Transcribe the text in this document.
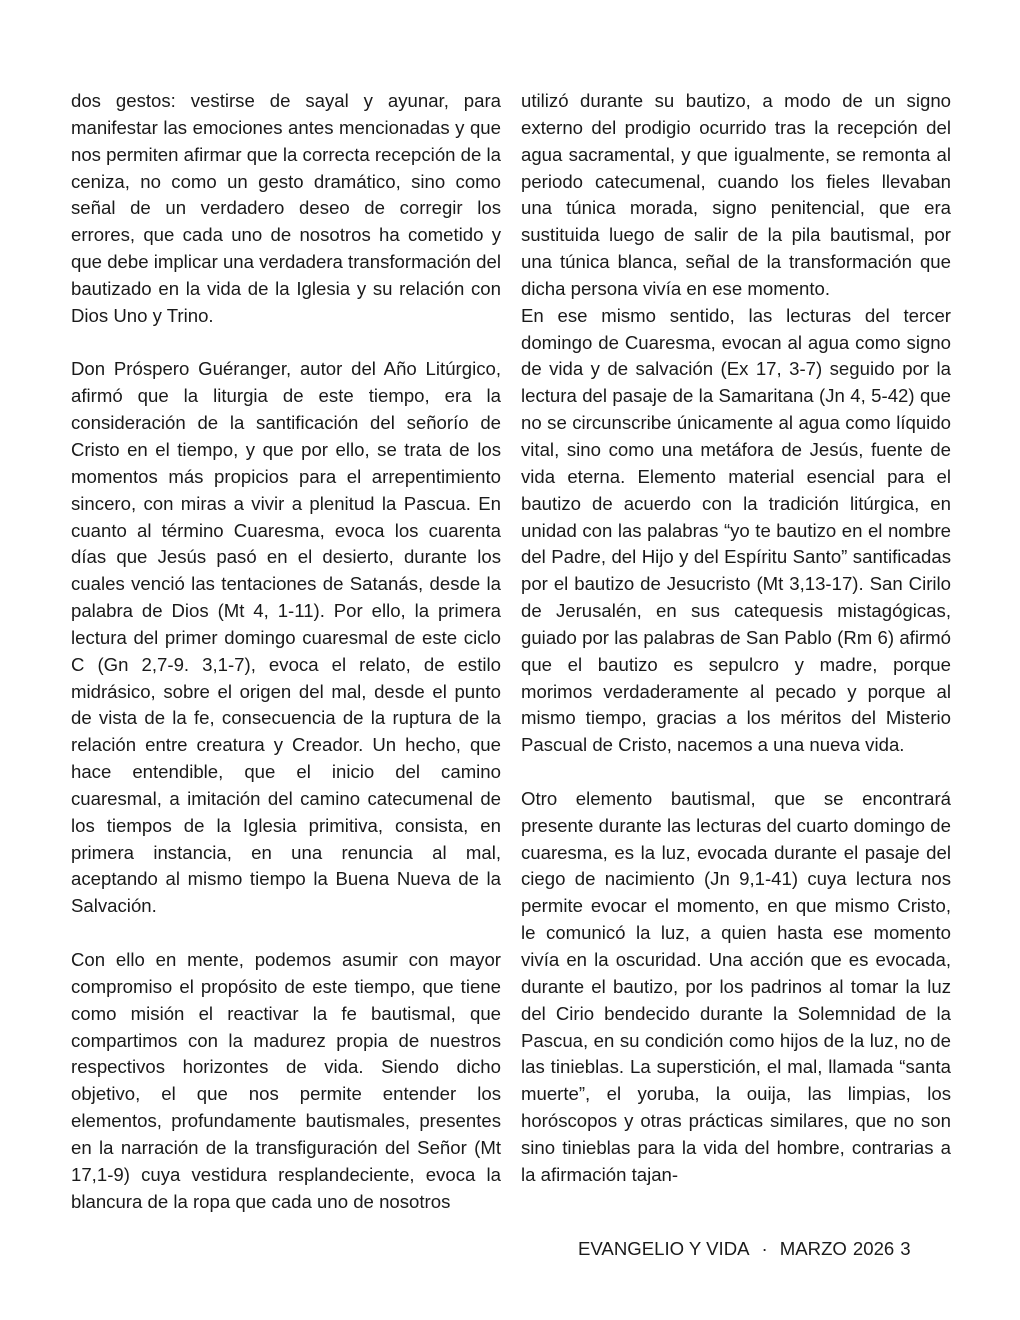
dos gestos: vestirse de sayal y ayunar, para manifestar las emociones antes mencionadas y que nos permiten afirmar que la correcta recepción de la ceniza, no como un gesto dramático, sino como señal de un verdadero deseo de corregir los errores, que cada uno de nosotros ha cometido y que debe implicar una verdadera transformación del bautizado en la vida de la Iglesia y su relación con Dios Uno y Trino.

Don Próspero Guéranger, autor del Año Litúrgico, afirmó que la liturgia de este tiempo, era la consideración de la santificación del señorío de Cristo en el tiempo, y que por ello, se trata de los momentos más propicios para el arrepentimiento sincero, con miras a vivir a plenitud la Pascua. En cuanto al término Cuaresma, evoca los cuarenta días que Jesús pasó en el desierto, durante los cuales venció las tentaciones de Satanás, desde la palabra de Dios (Mt 4, 1-11). Por ello, la primera lectura del primer domingo cuaresmal de este ciclo C (Gn 2,7-9. 3,1-7), evoca el relato, de estilo midrásico, sobre el origen del mal, desde el punto de vista de la fe, consecuencia de la ruptura de la relación entre creatura y Creador. Un hecho, que hace entendible, que el inicio del camino cuaresmal, a imitación del camino catecumenal de los tiempos de la Iglesia primitiva, consista, en primera instancia, en una renuncia al mal, aceptando al mismo tiempo la Buena Nueva de la Salvación.

Con ello en mente, podemos asumir con mayor compromiso el propósito de este tiempo, que tiene como misión el reactivar la fe bautismal, que compartimos con la madurez propia de nuestros respectivos horizontes de vida. Siendo dicho objetivo, el que nos permite entender los elementos, profundamente bautismales, presentes en la narración de la transfiguración del Señor (Mt 17,1-9) cuya vestidura resplandeciente, evoca la blancura de la ropa que cada uno de nosotros

utilizó durante su bautizo, a modo de un signo externo del prodigio ocurrido tras la recepción del agua sacramental, y que igualmente, se remonta al periodo catecumenal, cuando los fieles llevaban una túnica morada, signo penitencial, que era sustituida luego de salir de la pila bautismal, por una túnica blanca, señal de la transformación que dicha persona vivía en ese momento.

En ese mismo sentido, las lecturas del tercer domingo de Cuaresma, evocan al agua como signo de vida y de salvación (Ex 17, 3-7) seguido por la lectura del pasaje de la Samaritana (Jn 4, 5-42) que no se circunscribe únicamente al agua como líquido vital, sino como una metáfora de Jesús, fuente de vida eterna. Elemento material esencial para el bautizo de acuerdo con la tradición litúrgica, en unidad con las palabras “yo te bautizo en el nombre del Padre, del Hijo y del Espíritu Santo” santificadas por el bautizo de Jesucristo (Mt 3,13-17). San Cirilo de Jerusalén, en sus catequesis mistagógicas, guiado por las palabras de San Pablo (Rm 6) afirmó que el bautizo es sepulcro y madre, porque morimos verdaderamente al pecado y porque al mismo tiempo, gracias a los méritos del Misterio Pascual de Cristo, nacemos a una nueva vida.

Otro elemento bautismal, que se encontrará presente durante las lecturas del cuarto domingo de cuaresma, es la luz, evocada durante el pasaje del ciego de nacimiento (Jn 9,1-41) cuya lectura nos permite evocar el momento, en que mismo Cristo, le comunicó la luz, a quien hasta ese momento vivía en la oscuridad. Una acción que es evocada, durante el bautizo, por los padrinos al tomar la luz del Cirio bendecido durante la Solemnidad de la Pascua, en su condición como hijos de la luz, no de las tinieblas. La superstición, el mal, llamada “santa muerte”, el yoruba, la ouija, las limpias, los horóscopos y otras prácticas similares, que no son sino tinieblas para la vida del hombre, contrarias a la afirmación tajan-

EVANGELIO Y VIDA · MARZO 2026 3
